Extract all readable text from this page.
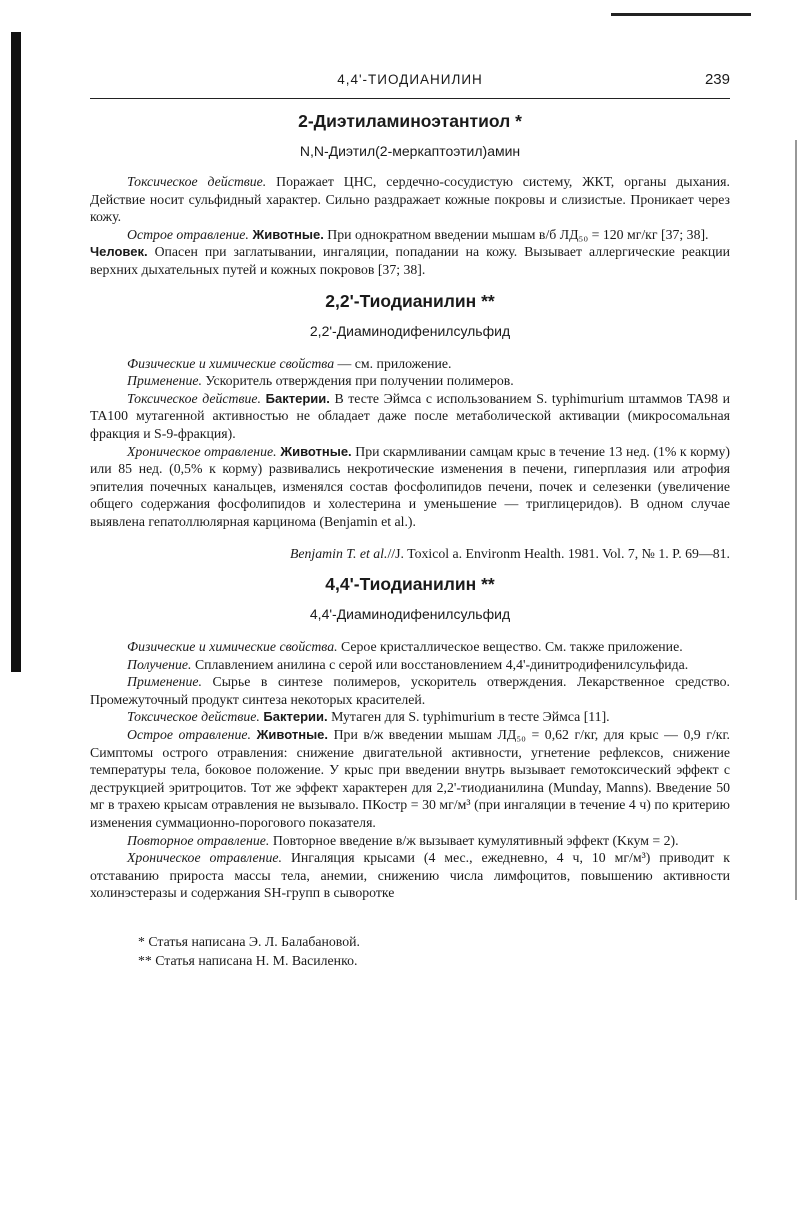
4,4'-ТИОДИАНИЛИН	239
2-Диэтиламиноэтантиол *
N,N-Диэтил(2-меркаптоэтил)амин

Токсическое действие. Поражает ЦНС, сердечно-сосудистую систему, ЖКТ, органы дыхания. Действие носит сульфидный характер. Сильно раздражает кожные покровы и слизистые. Проникает через кожу.

Острое отравление. Животные. При однократном введении мышам в/б ЛД₅₀ = 120 мг/кг [37; 38].

Человек. Опасен при заглатывании, ингаляции, попадании на кожу. Вызывает аллергические реакции верхних дыхательных путей и кожных покровов [37; 38].

2,2'-Тиодианилин **
2,2'-Диаминодифенилсульфид

Физические и химические свойства — см. приложение.

Применение. Ускоритель отверждения при получении полимеров.

Токсическое действие. Бактерии. В тесте Эймса с использованием S. typhimurium штаммов TA98 и TA100 мутагенной активностью не обладает даже после метаболической активации (микросомальная фракция и S-9-фракция).

Хроническое отравление. Животные. При скармливании самцам крыс в течение 13 нед. (1% к корму) или 85 нед. (0,5% к корму) развивались некротические изменения в печени, гиперплазия или атрофия эпителия почечных канальцев, изменялся состав фосфолипидов печени, почек и селезенки (увеличение общего содержания фосфолипидов и холестерина и уменьшение — триглицеридов). В одном случае выявлена гепатоллюлярная карцинома (Benjamin et al.).

Benjamin T. et al.//J. Toxicol a. Environm Health. 1981. Vol. 7, № 1. P. 69—81.

4,4'-Тиодианилин **
4,4'-Диаминодифенилсульфид

Физические и химические свойства. Серое кристаллическое вещество. См. также приложение.

Получение. Сплавлением анилина с серой или восстановлением 4,4'-динитродифенилсульфида.

Применение. Сырье в синтезе полимеров, ускоритель отверждения. Лекарственное средство. Промежуточный продукт синтеза некоторых красителей.

Токсическое действие. Бактерии. Мутаген для S. typhimurium в тесте Эймса [11].

Острое отравление. Животные. При в/ж введении мышам ЛД₅₀ = 0,62 г/кг, для крыс — 0,9 г/кг. Симптомы острого отравления: снижение двигательной активности, угнетение рефлексов, снижение температуры тела, боковое положение. У крыс при введении внутрь вызывает гемотоксический эффект с деструкцией эритроцитов. Тот же эффект характерен для 2,2'-тиодианилина (Munday, Manns). Введение 50 мг в трахею крысам отравления не вызывало. ПКостр = 30 мг/м³ (при ингаляции в течение 4 ч) по критерию изменения суммационно-порогового показателя.

Повторное отравление. Повторное введение в/ж вызывает кумулятивный эффект (Kкум = 2).

Хроническое отравление. Ингаляция крысами (4 мес., ежедневно, 4 ч, 10 мг/м³) приводит к отставанию прироста массы тела, анемии, снижению числа лимфоцитов, повышению активности холинэстеразы и содержания SH-групп в сыворотке

* Статья написана Э. Л. Балабановой.
** Статья написана Н. М. Василенко.
